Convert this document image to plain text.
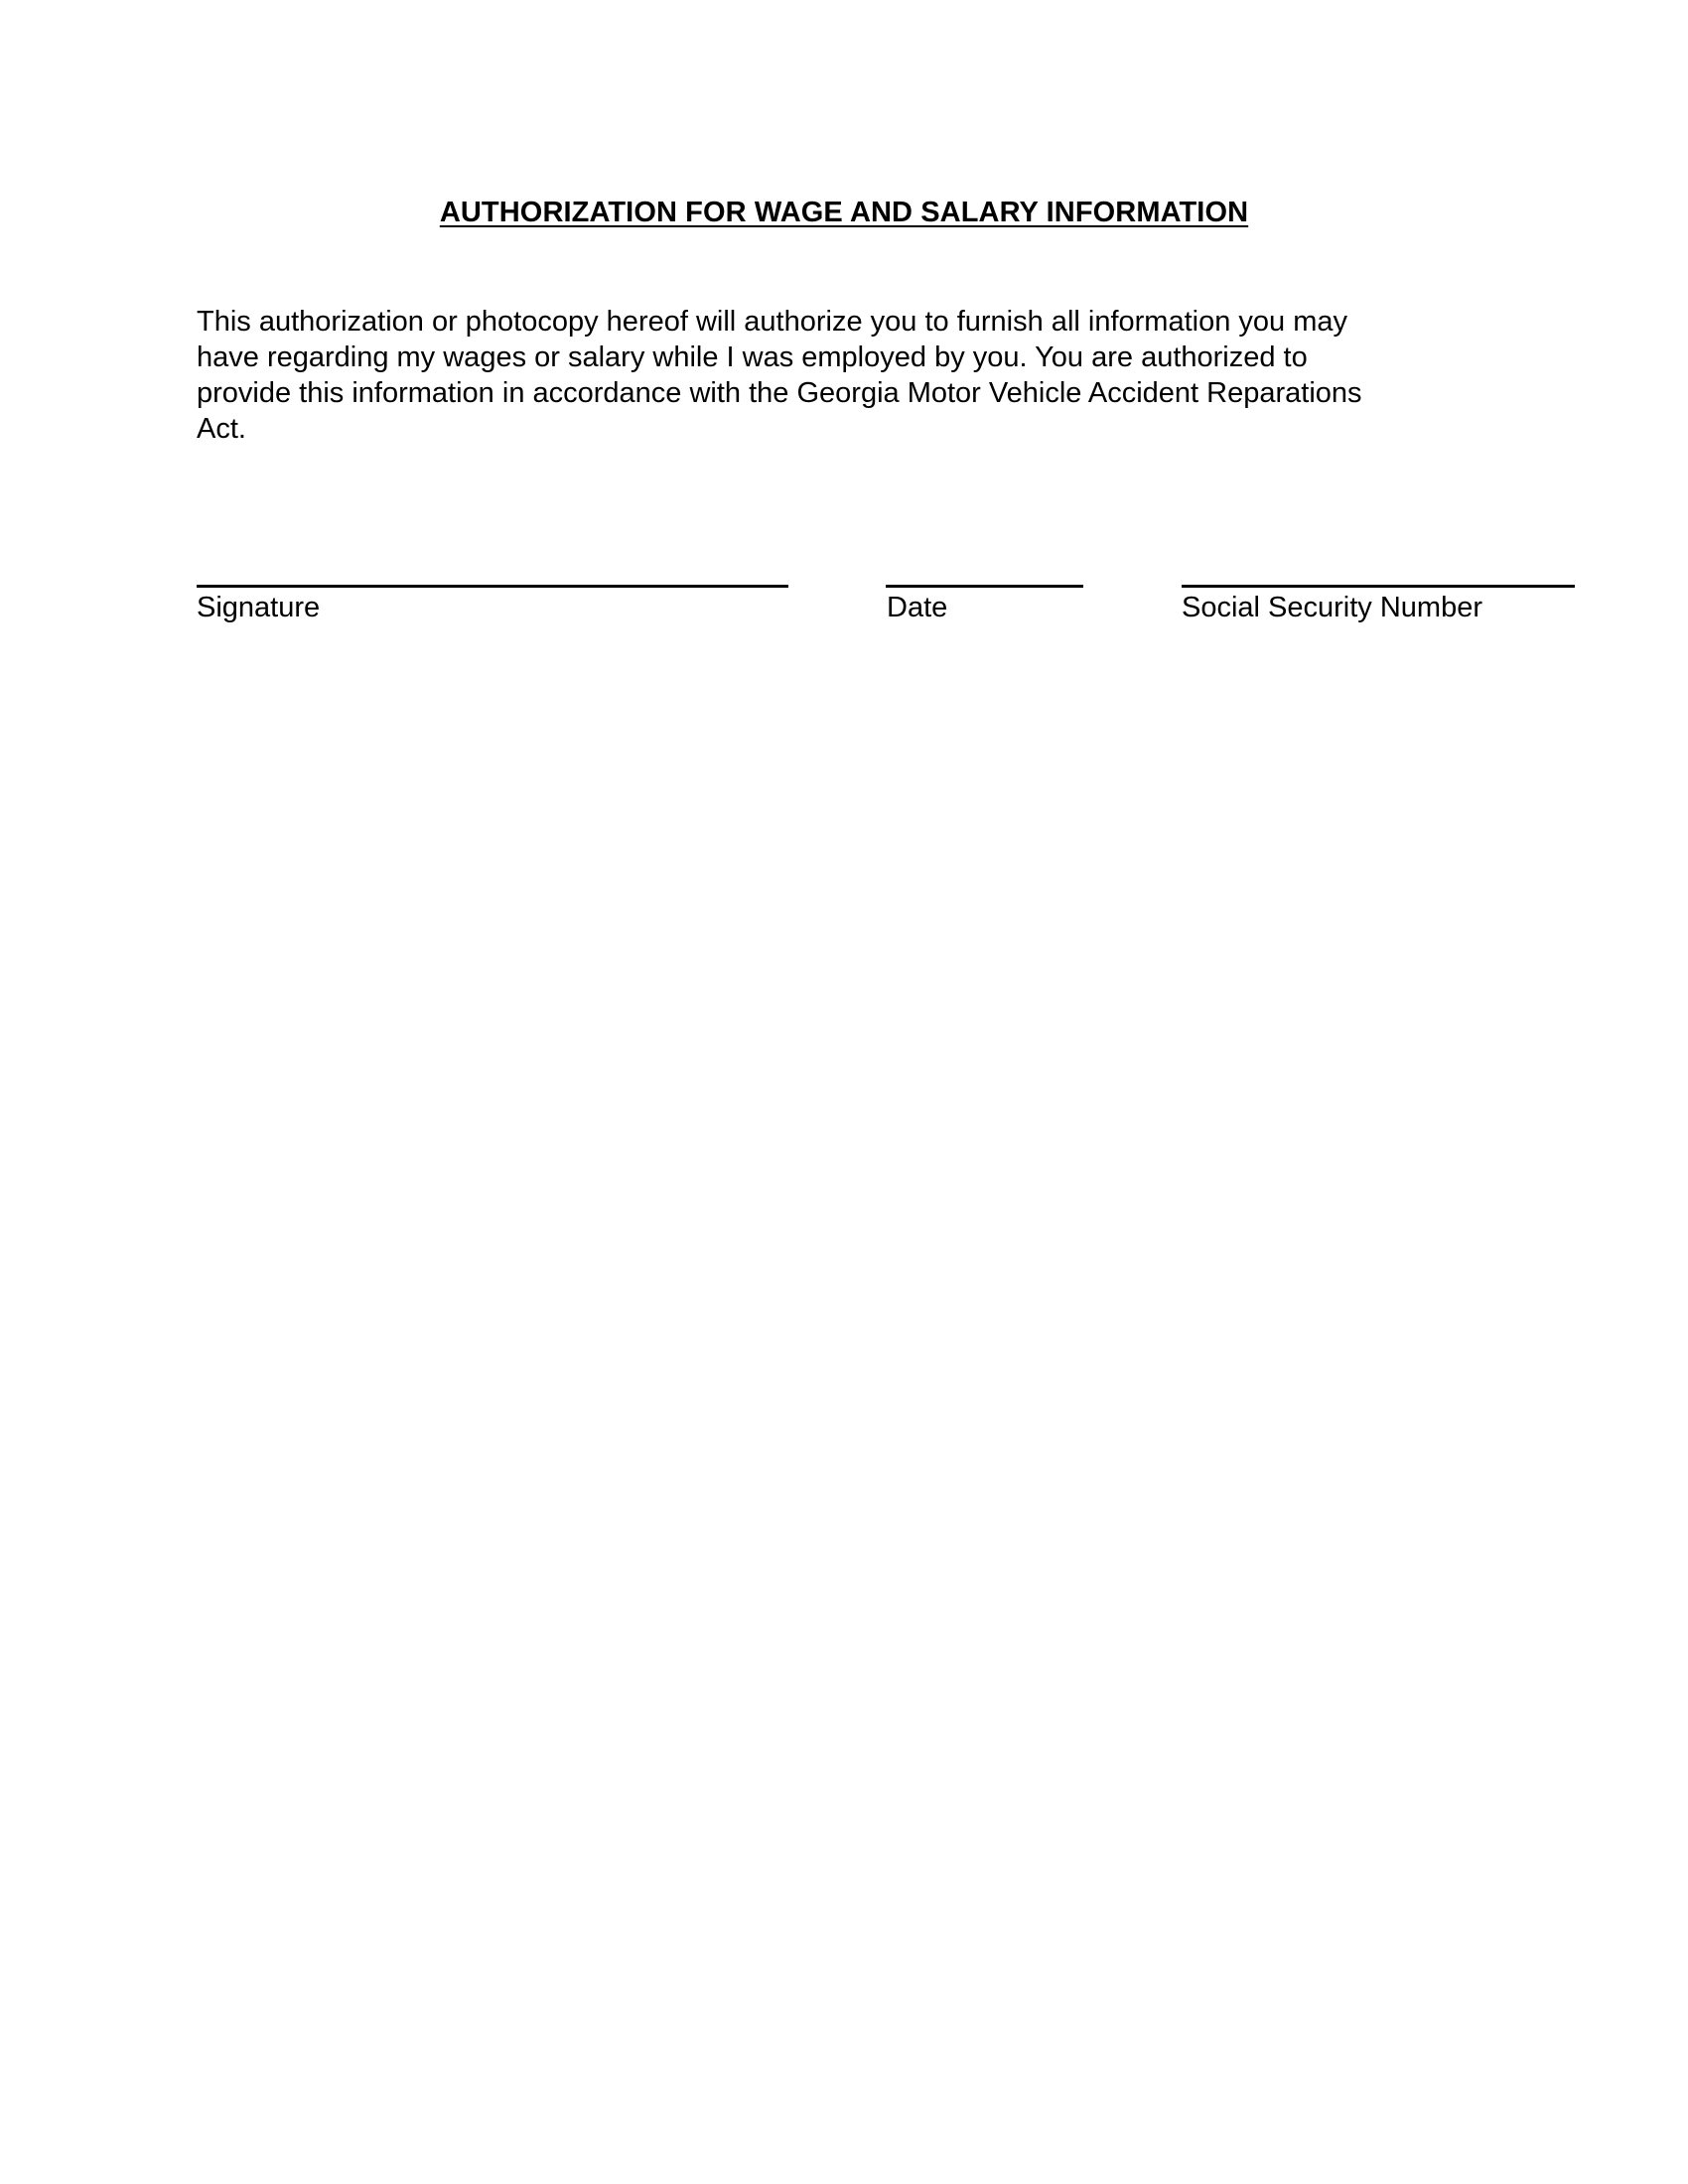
AUTHORIZATION FOR WAGE AND SALARY INFORMATION
This authorization or photocopy hereof will authorize you to furnish all information you may
have regarding my wages or salary while I was employed by you. You are authorized to
provide this information in accordance with the Georgia Motor Vehicle Accident Reparations
Act.
Signature	Date	Social Security Number
